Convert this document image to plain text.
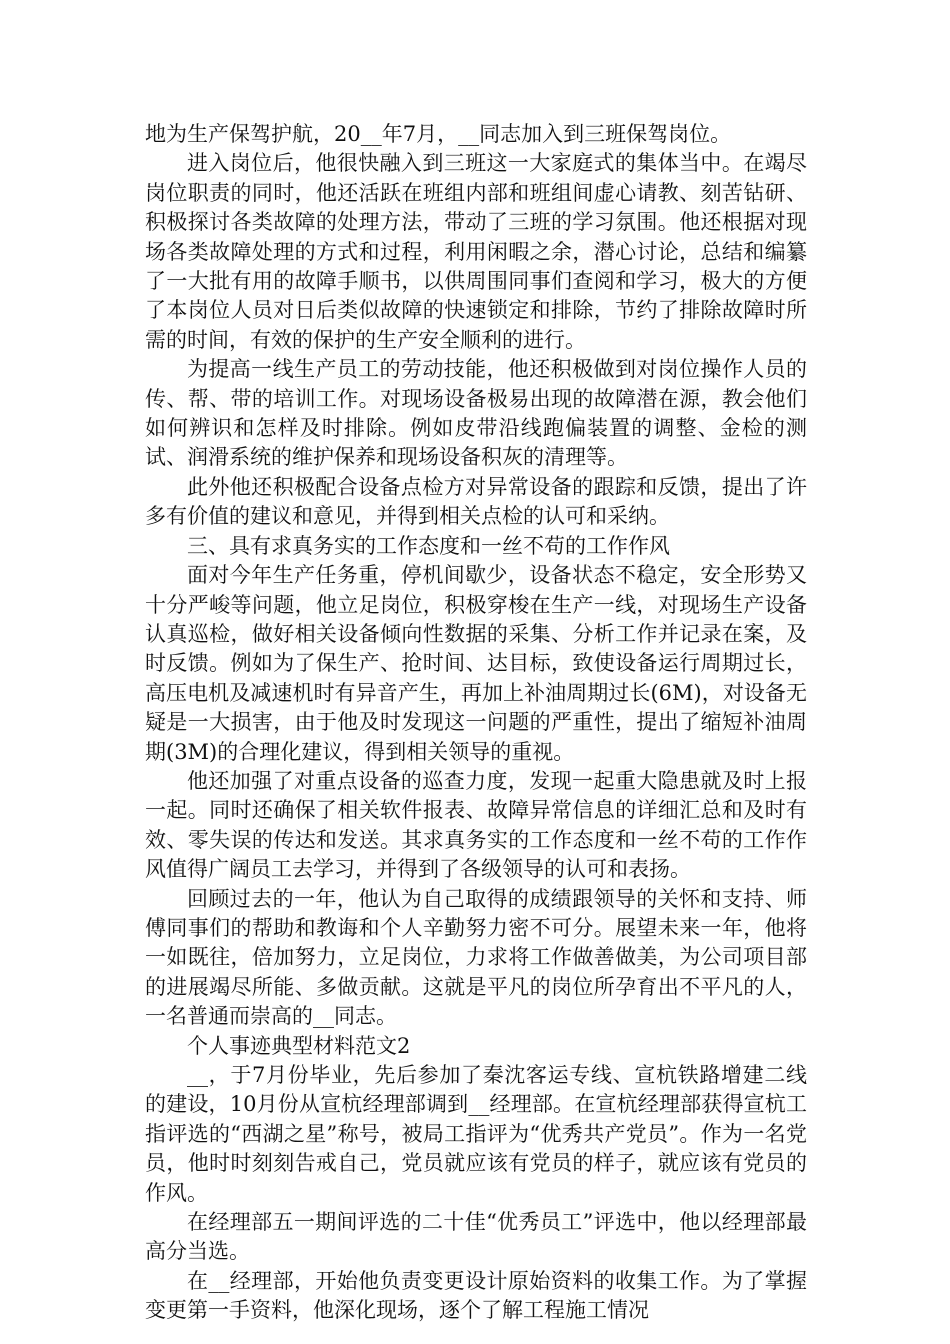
地为生产保驾护航，20__年7月，__同志加入到三班保驾岗位。

进入岗位后，他很快融入到三班这一大家庭式的集体当中。在竭尽岗位职责的同时，他还活跃在班组内部和班组间虚心请教、刻苦钻研、积极探讨各类故障的处理方法，带动了三班的学习氛围。他还根据对现场各类故障处理的方式和过程，利用闲暇之余，潜心讨论，总结和编纂了一大批有用的故障手顺书，以供周围同事们查阅和学习，极大的方便了本岗位人员对日后类似故障的快速锁定和排除，节约了排除故障时所需的时间，有效的保护的生产安全顺利的进行。

为提高一线生产员工的劳动技能，他还积极做到对岗位操作人员的传、帮、带的培训工作。对现场设备极易出现的故障潜在源，教会他们如何辨识和怎样及时排除。例如皮带沿线跑偏装置的调整、金检的测试、润滑系统的维护保养和现场设备积灰的清理等。

此外他还积极配合设备点检方对异常设备的跟踪和反馈，提出了许多有价值的建议和意见，并得到相关点检的认可和采纳。

三、具有求真务实的工作态度和一丝不苟的工作作风

面对今年生产任务重，停机间歇少，设备状态不稳定，安全形势又十分严峻等问题，他立足岗位，积极穿梭在生产一线，对现场生产设备认真巡检，做好相关设备倾向性数据的采集、分析工作并记录在案，及时反馈。例如为了保生产、抢时间、达目标，致使设备运行周期过长，高压电机及减速机时有异音产生，再加上补油周期过长(6M)，对设备无疑是一大损害，由于他及时发现这一问题的严重性，提出了缩短补油周期(3M)的合理化建议，得到相关领导的重视。

他还加强了对重点设备的巡查力度，发现一起重大隐患就及时上报一起。同时还确保了相关软件报表、故障异常信息的详细汇总和及时有效、零失误的传达和发送。其求真务实的工作态度和一丝不苟的工作作风值得广阔员工去学习，并得到了各级领导的认可和表扬。

回顾过去的一年，他认为自己取得的成绩跟领导的关怀和支持、师傅同事们的帮助和教诲和个人辛勤努力密不可分。展望未来一年，他将一如既往，倍加努力，立足岗位，力求将工作做善做美，为公司项目部的进展竭尽所能、多做贡献。这就是平凡的岗位所孕育出不平凡的人，一名普通而崇高的__同志。

个人事迹典型材料范文2

__，于7月份毕业，先后参加了秦沈客运专线、宣杭铁路增建二线的建设，10月份从宣杭经理部调到__经理部。在宣杭经理部获得宣杭工指评选的“西湖之星”称号，被局工指评为“优秀共产党员”。作为一名党员，他时时刻刻告戒自己，党员就应该有党员的样子，就应该有党员的作风。

在经理部五一期间评选的二十佳“优秀员工”评选中，他以经理部最高分当选。

在__经理部，开始他负责变更设计原始资料的收集工作。为了掌握变更第一手资料，他深化现场，逐个了解工程施工情况
